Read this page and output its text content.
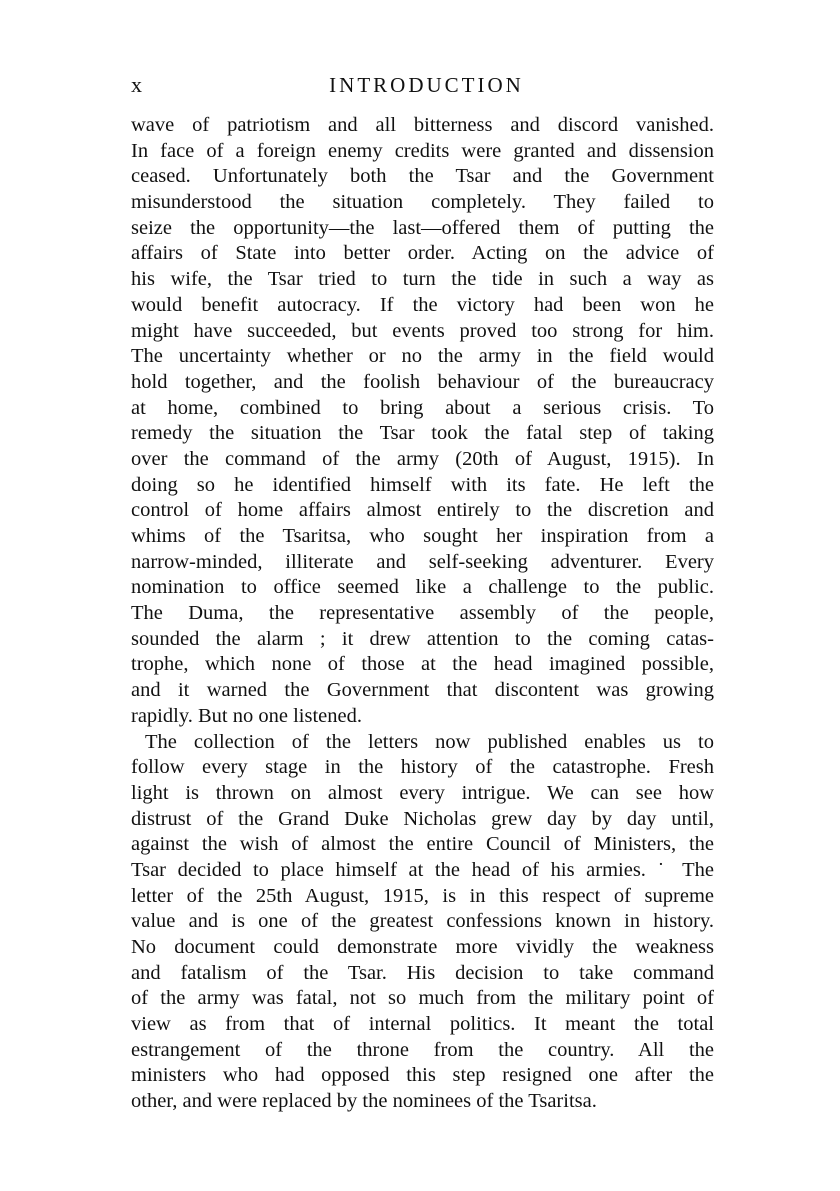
x	INTRODUCTION
wave of patriotism and all bitterness and discord vanished.
In face of a foreign enemy credits were granted and dissension
ceased. Unfortunately both the Tsar and the Government
misunderstood the situation completely. They failed to
seize the opportunity—the last—offered them of putting the
affairs of State into better order. Acting on the advice of
his wife, the Tsar tried to turn the tide in such a way as
would benefit autocracy. If the victory had been won he
might have succeeded, but events proved too strong for him.
The uncertainty whether or no the army in the field would
hold together, and the foolish behaviour of the bureaucracy
at home, combined to bring about a serious crisis. To
remedy the situation the Tsar took the fatal step of taking
over the command of the army (20th of August, 1915). In
doing so he identified himself with its fate. He left the
control of home affairs almost entirely to the discretion and
whims of the Tsaritsa, who sought her inspiration from a
narrow-minded, illiterate and self-seeking adventurer. Every
nomination to office seemed like a challenge to the public.
The Duma, the representative assembly of the people,
sounded the alarm ; it drew attention to the coming catas-
trophe, which none of those at the head imagined possible,
and it warned the Government that discontent was growing
rapidly. But no one listened.
The collection of the letters now published enables us to
follow every stage in the history of the catastrophe. Fresh
light is thrown on almost every intrigue. We can see how
distrust of the Grand Duke Nicholas grew day by day until,
against the wish of almost the entire Council of Ministers, the
Tsar decided to place himself at the head of his armies. ˙ The
letter of the 25th August, 1915, is in this respect of supreme
value and is one of the greatest confessions known in history.
No document could demonstrate more vividly the weakness
and fatalism of the Tsar. His decision to take command
of the army was fatal, not so much from the military point of
view as from that of internal politics. It meant the total
estrangement of the throne from the country. All the
ministers who had opposed this step resigned one after the
other, and were replaced by the nominees of the Tsaritsa.
